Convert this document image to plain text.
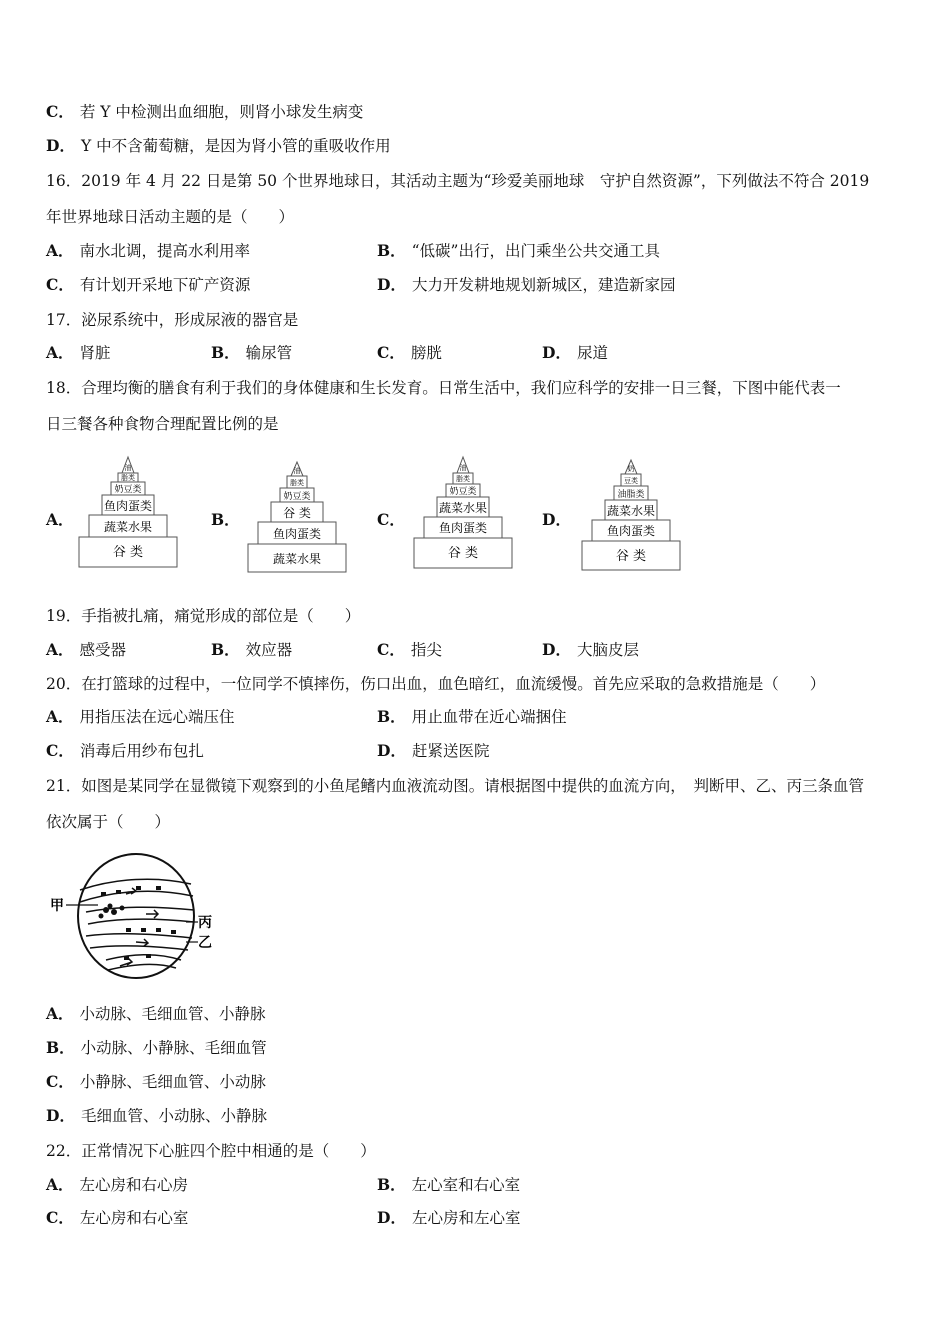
C． 若 Y 中检测出血细胞，则肾小球发生病变
D． Y 中不含葡萄糖，是因为肾小管的重吸收作用
16．2019 年 4 月 22 日是第 50 个世界地球日，其活动主题为“珍爱美丽地球　守护自然资源”，下列做法不符合 2019
年世界地球日活动主题的是（　　）
A． 南水北调，提高水利用率	B． “低碳”出行，出门乘坐公共交通工具
C． 有计划开采地下矿产资源	D． 大力开发耕地规划新城区，建造新家园
17．泌尿系统中，形成尿液的器官是
A． 肾脏	B． 输尿管	C． 膀胱	D． 尿道
18．合理均衡的膳食有利于我们的身体健康和生长发育。日常生活中，我们应科学的安排一日三餐，下图中能代表一
日三餐各种食物合理配置比例的是
A．	B．	C．	D．
油
脂类
奶豆类
鱼肉蛋类
蔬菜水果
谷 类
油
脂类
奶豆类
谷 类
鱼肉蛋类
蔬菜水果
油
脂类
奶豆类
蔬菜水果
鱼肉蛋类
谷 类
奶
豆类
油脂类
蔬菜水果
鱼肉蛋类
谷 类
19．手指被扎痛，痛觉形成的部位是（　　）
A． 感受器	B． 效应器	C． 指尖	D． 大脑皮层
20．在打篮球的过程中，一位同学不慎摔伤，伤口出血，血色暗红，血流缓慢。首先应采取的急救措施是（　　）
A． 用指压法在远心端压住	B． 用止血带在近心端捆住
C． 消毒后用纱布包扎	D． 赶紧送医院
21．如图是某同学在显微镜下观察到的小鱼尾鳍内血液流动图。请根据图中提供的血流方向，　判断甲、乙、丙三条血管
依次属于（　　）
甲
丙
乙
A． 小动脉、毛细血管、小静脉
B． 小动脉、小静脉、毛细血管
C． 小静脉、毛细血管、小动脉
D． 毛细血管、小动脉、小静脉
22．正常情况下心脏四个腔中相通的是（　　）
A． 左心房和右心房	B． 左心室和右心室
C． 左心房和右心室	D． 左心房和左心室
